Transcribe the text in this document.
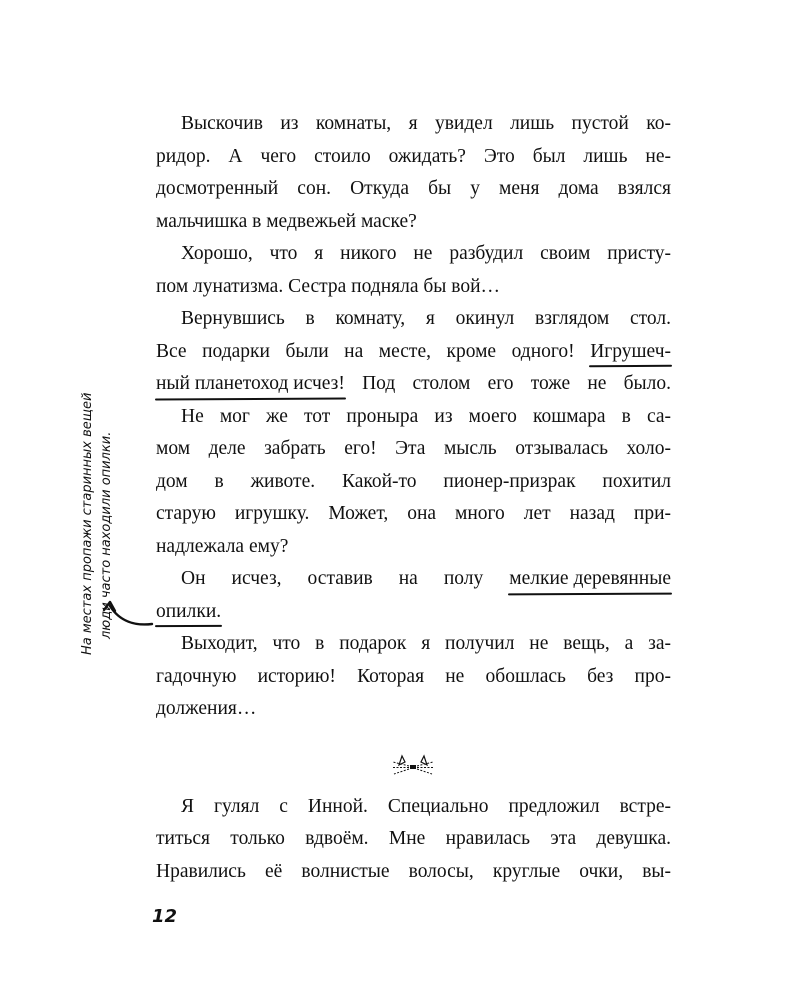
Выскочив из комнаты, я увидел лишь пустой ко-
ридор. А чего стоило ожидать? Это был лишь не-
досмотренный сон. Откуда бы у меня дома взялся
мальчишка в медвежьей маске?
Хорошо, что я никого не разбудил своим присту-
пом лунатизма. Сестра подняла бы вой…
Вернувшись в комнату, я окинул взглядом стол.
Все подарки были на месте, кроме одного! Игрушеч-
ный планетоход исчез! Под столом его тоже не было.
Не мог же тот проныра из моего кошмара в са-
мом деле забрать его! Эта мысль отзывалась холо-
дом в животе. Какой-то пионер-призрак похитил
старую игрушку. Может, она много лет назад при-
надлежала ему?
Он исчез, оставив на полу мелкие деревянные
опилки.
Выходит, что в подарок я получил не вещь, а за-
гадочную историю! Которая не обошлась без про-
должения…
Я гулял с Инной. Специально предложил встре-
титься только вдвоём. Мне нравилась эта девушка.
Нравились её волнистые волосы, круглые очки, вы-
На местах пропажи старинных вещей люди часто находили опилки.
12
